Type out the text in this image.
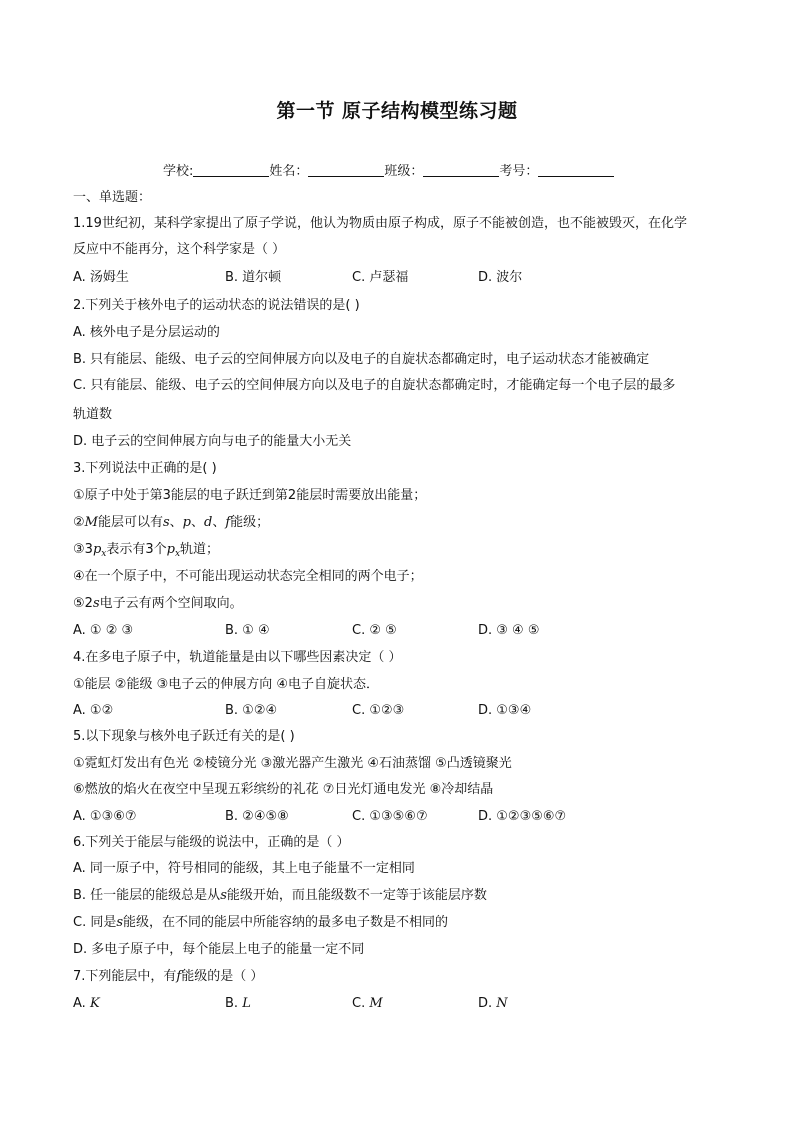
第一节 原子结构模型练习题
学校:	姓名：	班级：	考号：
一、单选题：
1.19世纪初，某科学家提出了原子学说，他认为物质由原子构成，原子不能被创造，也不能被毁灭，在化学
反应中不能再分，这个科学家是（ ）
A. 汤姆生	B. 道尔顿	C. 卢瑟福	D. 波尔
2.下列关于核外电子的运动状态的说法错误的是( )
A. 核外电子是分层运动的
B. 只有能层、能级、电子云的空间伸展方向以及电子的自旋状态都确定时，电子运动状态才能被确定
C. 只有能层、能级、电子云的空间伸展方向以及电子的自旋状态都确定时，才能确定每一个电子层的最多
轨道数
D. 电子云的空间伸展方向与电子的能量大小无关
3.下列说法中正确的是( )
①原子中处于第3能层的电子跃迁到第2能层时需要放出能量；
②M能层可以有s、p、d、f能级；
$③3p_x$表示有3个$p_x$轨道；
④在一个原子中，不可能出现运动状态完全相同的两个电子；
⑤2s电子云有两个空间取向。
A. ① ② ③	B. ① ④	C. ② ⑤	D. ③ ④ ⑤
4.在多电子原子中，轨道能量是由以下哪些因素决定（ ）
①能层 ②能级 ③电子云的伸展方向 ④电子自旋状态．
A. ①②	B. ①②④	C. ①②③	D. ①③④
5.以下现象与核外电子跃迁有关的是( )
①霓虹灯发出有色光 ②棱镜分光 ③激光器产生激光 ④石油蒸馏 ⑤凸透镜聚光
⑥燃放的焰火在夜空中呈现五彩缤纷的礼花 ⑦日光灯通电发光 ⑧冷却结晶
A. ①③⑥⑦	B. ②④⑤⑧	C. ①③⑤⑥⑦	D. ①②③⑤⑥⑦
6.下列关于能层与能级的说法中，正确的是（ ）
A. 同一原子中，符号相同的能级，其上电子能量不一定相同
B. 任一能层的能级总是从s能级开始，而且能级数不一定等于该能层序数
C. 同是s能级，在不同的能层中所能容纳的最多电子数是不相同的
D. 多电子原子中，每个能层上电子的能量一定不同
7.下列能层中，有f能级的是（ ）
A. K	B. L	C. M	D. N
